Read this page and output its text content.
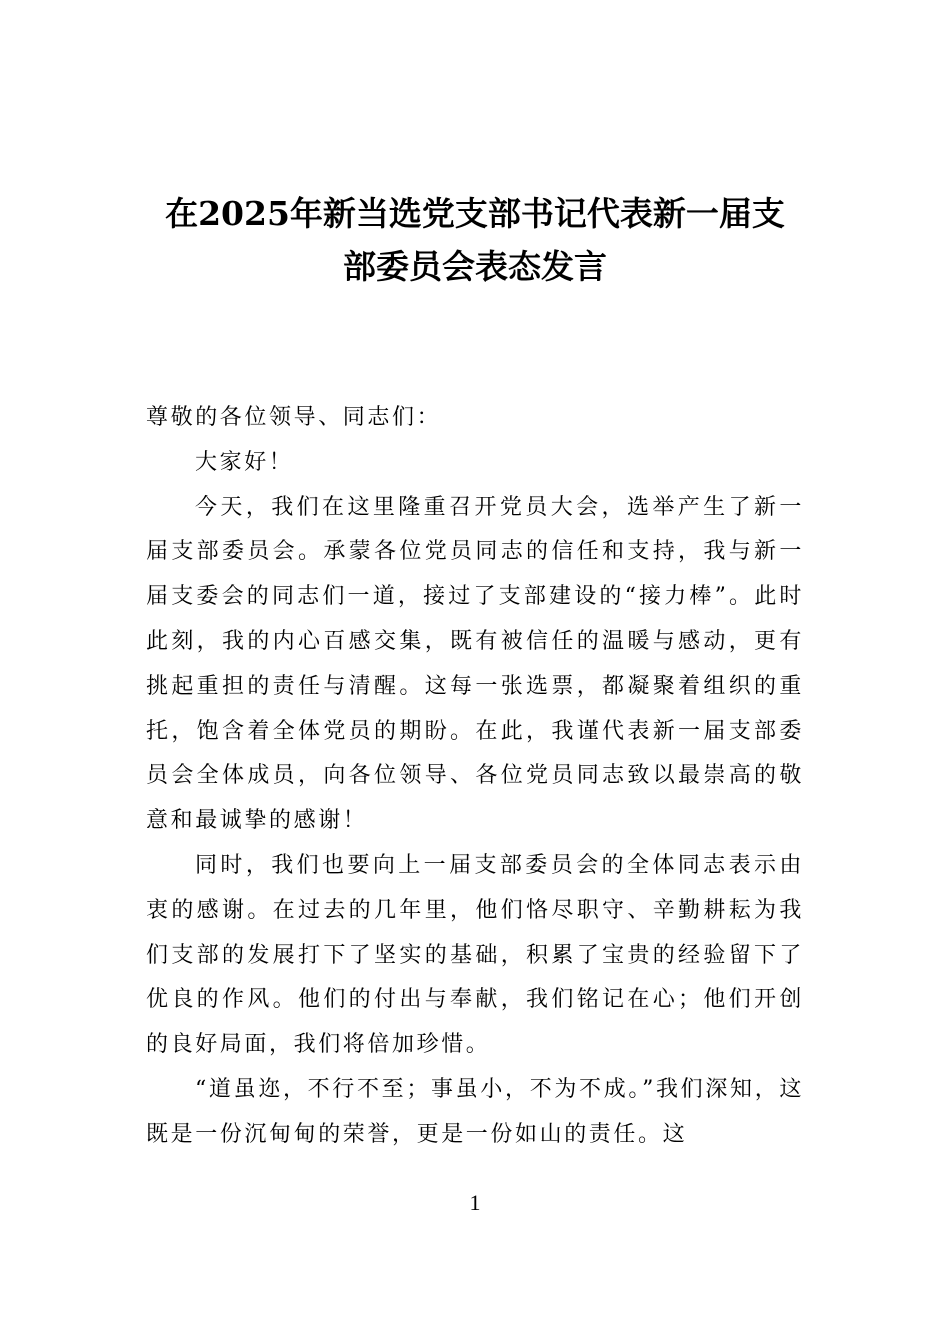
在2025年新当选党支部书记代表新一届支
部委员会表态发言

尊敬的各位领导、同志们：

大家好！

今天，我们在这里隆重召开党员大会，选举产生了新一届支部委员会。承蒙各位党员同志的信任和支持，我与新一届支委会的同志们一道，接过了支部建设的“接力棒”。此时此刻，我的内心百感交集，既有被信任的温暖与感动，更有挑起重担的责任与清醒。这每一张选票，都凝聚着组织的重托，饱含着全体党员的期盼。在此，我谨代表新一届支部委员会全体成员，向各位领导、各位党员同志致以最崇高的敬意和最诚挚的感谢！

同时，我们也要向上一届支部委员会的全体同志表示由衷的感谢。在过去的几年里，他们恪尽职守、辛勤耕耘为我们支部的发展打下了坚实的基础，积累了宝贵的经验留下了优良的作风。他们的付出与奉献，我们铭记在心；他们开创的良好局面，我们将倍加珍惜。

“道虽迩，不行不至；事虽小，不为不成。”我们深知，这既是一份沉甸甸的荣誉，更是一份如山的责任。这

1
